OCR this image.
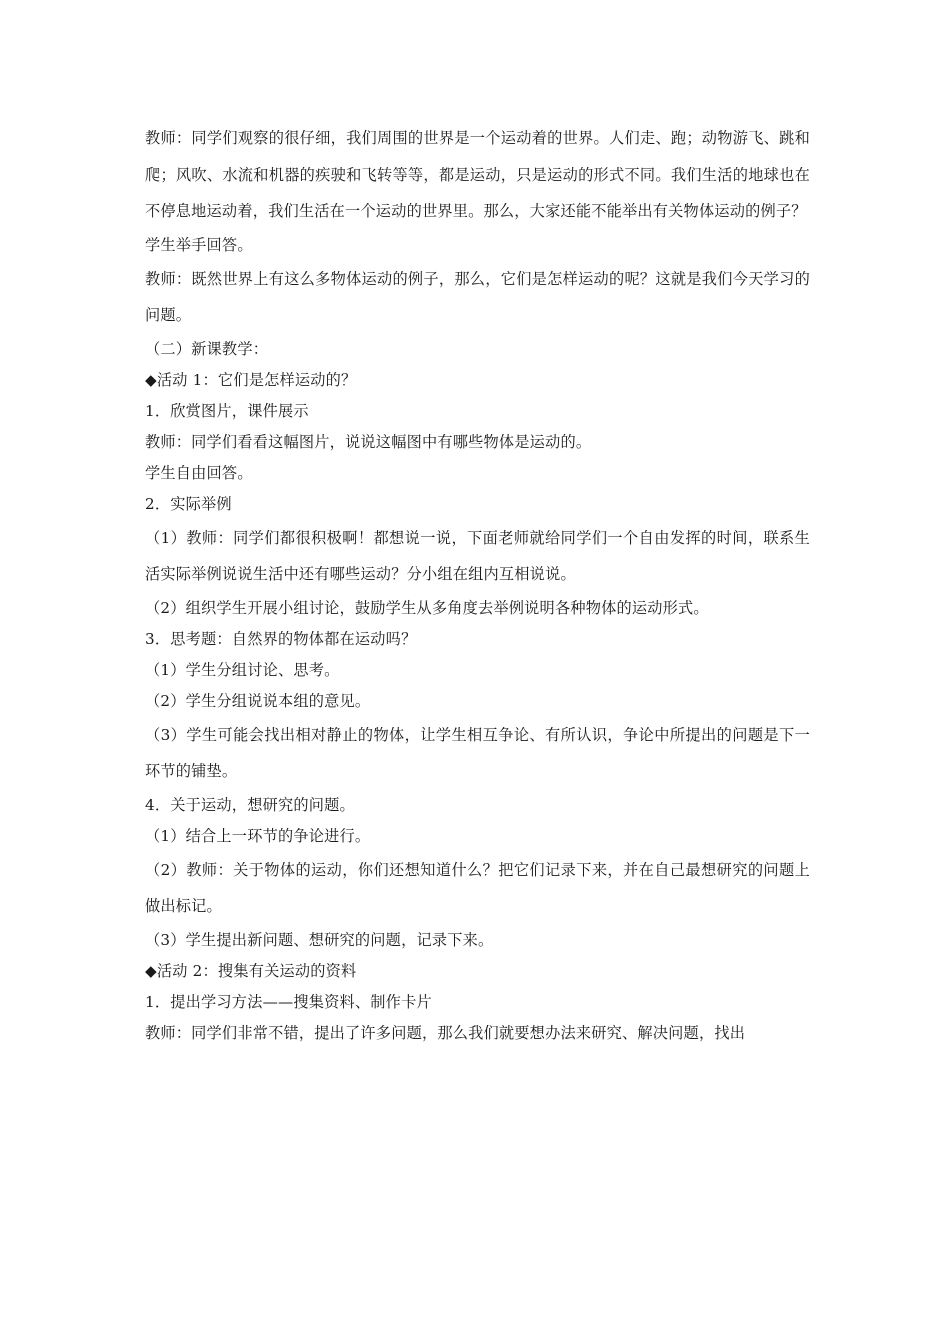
教师：同学们观察的很仔细，我们周围的世界是一个运动着的世界。人们走、跑；动物游飞、跳和爬；风吹、水流和机器的疾驶和飞转等等，都是运动，只是运动的形式不同。我们生活的地球也在不停息地运动着，我们生活在一个运动的世界里。那么，大家还能不能举出有关物体运动的例子？

学生举手回答。

教师：既然世界上有这么多物体运动的例子，那么，它们是怎样运动的呢？这就是我们今天学习的问题。

（二）新课教学：

◆活动 1：它们是怎样运动的？

1．欣赏图片，课件展示

教师：同学们看看这幅图片，说说这幅图中有哪些物体是运动的。

学生自由回答。

2．实际举例

（1）教师：同学们都很积极啊！都想说一说，下面老师就给同学们一个自由发挥的时间，联系生活实际举例说说生活中还有哪些运动？分小组在组内互相说说。

（2）组织学生开展小组讨论，鼓励学生从多角度去举例说明各种物体的运动形式。

3．思考题：自然界的物体都在运动吗？

（1）学生分组讨论、思考。

（2）学生分组说说本组的意见。

（3）学生可能会找出相对静止的物体，让学生相互争论、有所认识，争论中所提出的问题是下一环节的铺垫。

4．关于运动，想研究的问题。

（1）结合上一环节的争论进行。

（2）教师：关于物体的运动，你们还想知道什么？把它们记录下来，并在自己最想研究的问题上做出标记。

（3）学生提出新问题、想研究的问题，记录下来。

◆活动 2：搜集有关运动的资料

1．提出学习方法——搜集资料、制作卡片

教师：同学们非常不错，提出了许多问题，那么我们就要想办法来研究、解决问题，找出
